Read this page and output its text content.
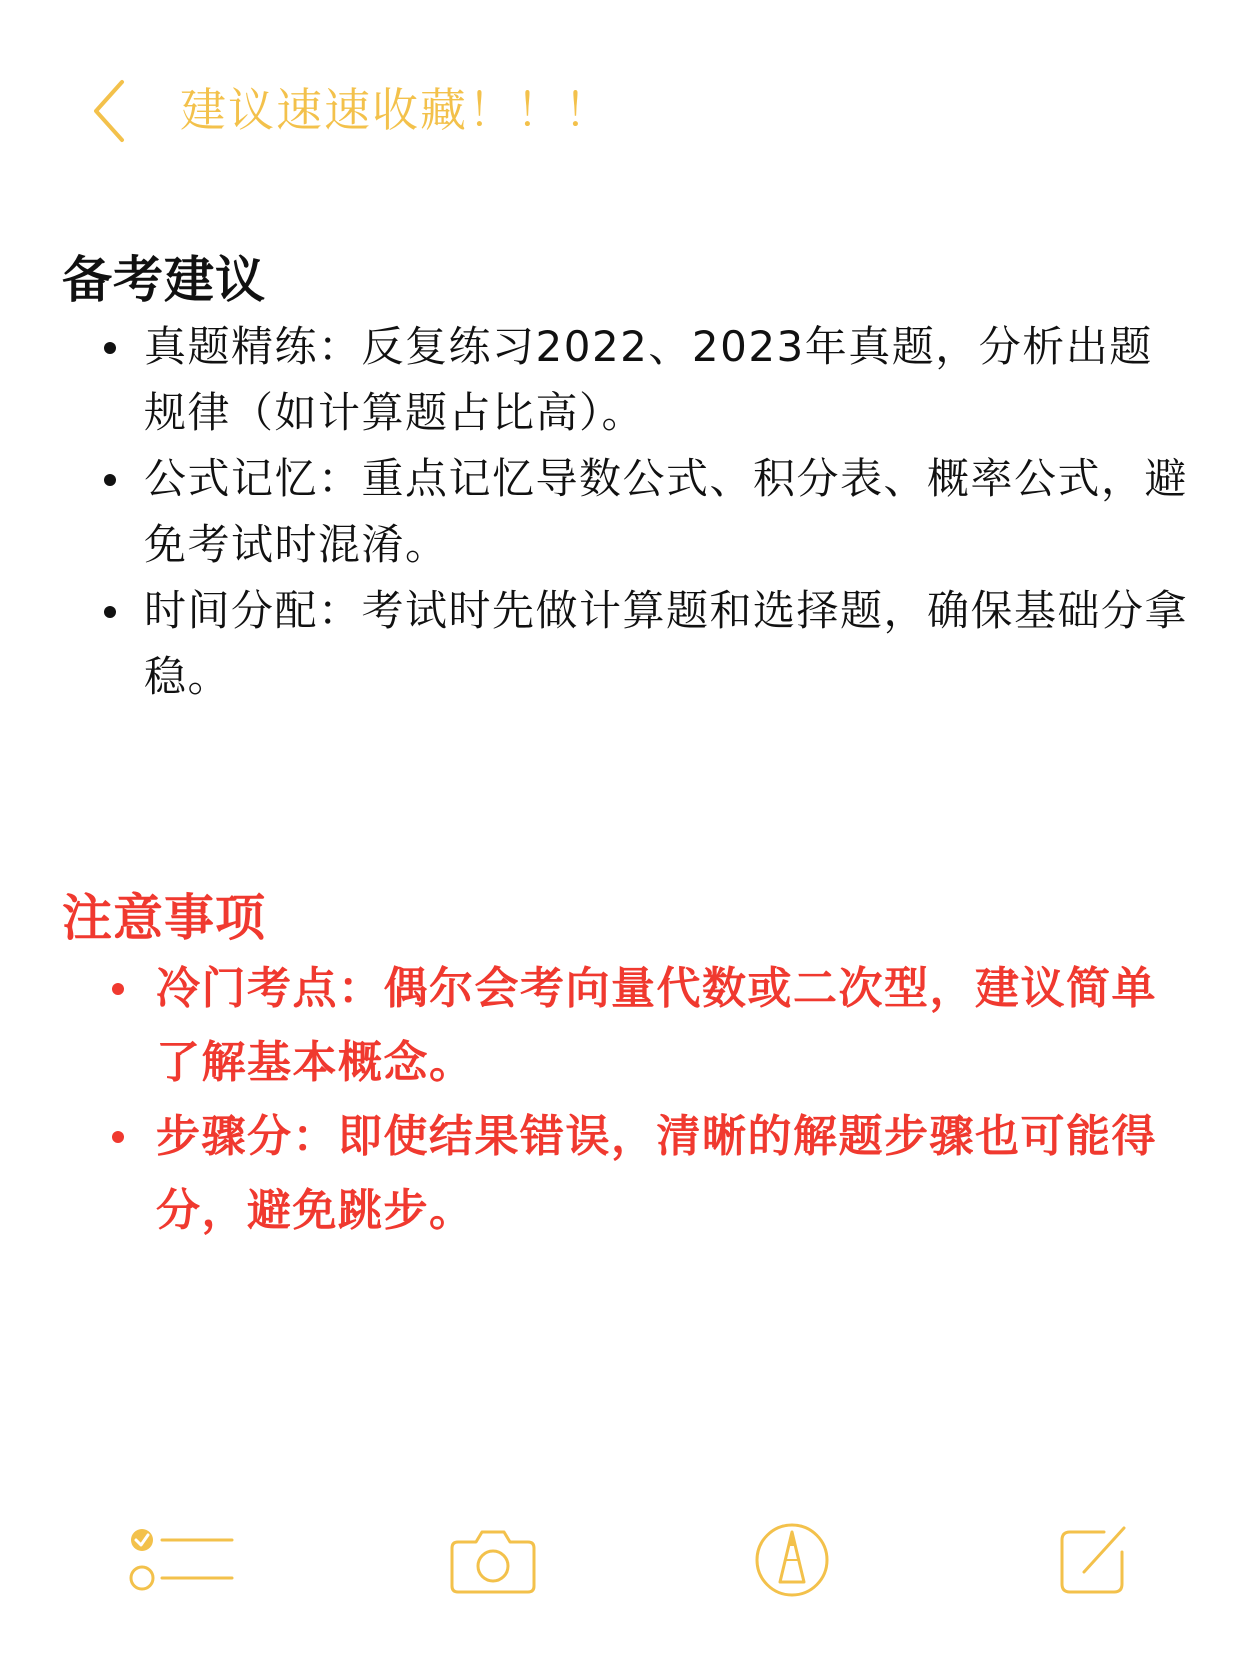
建议速速收藏！！！
备考建议
真题精练：反复练习2022、2023年真题，分析出题规律（如计算题占比高）。
公式记忆：重点记忆导数公式、积分表、概率公式，避免考试时混淆。
时间分配：考试时先做计算题和选择题，确保基础分拿稳。
注意事项
冷门考点：偶尔会考向量代数或二次型，建议简单了解基本概念。
步骤分：即使结果错误，清晰的解题步骤也可能得分，避免跳步。
